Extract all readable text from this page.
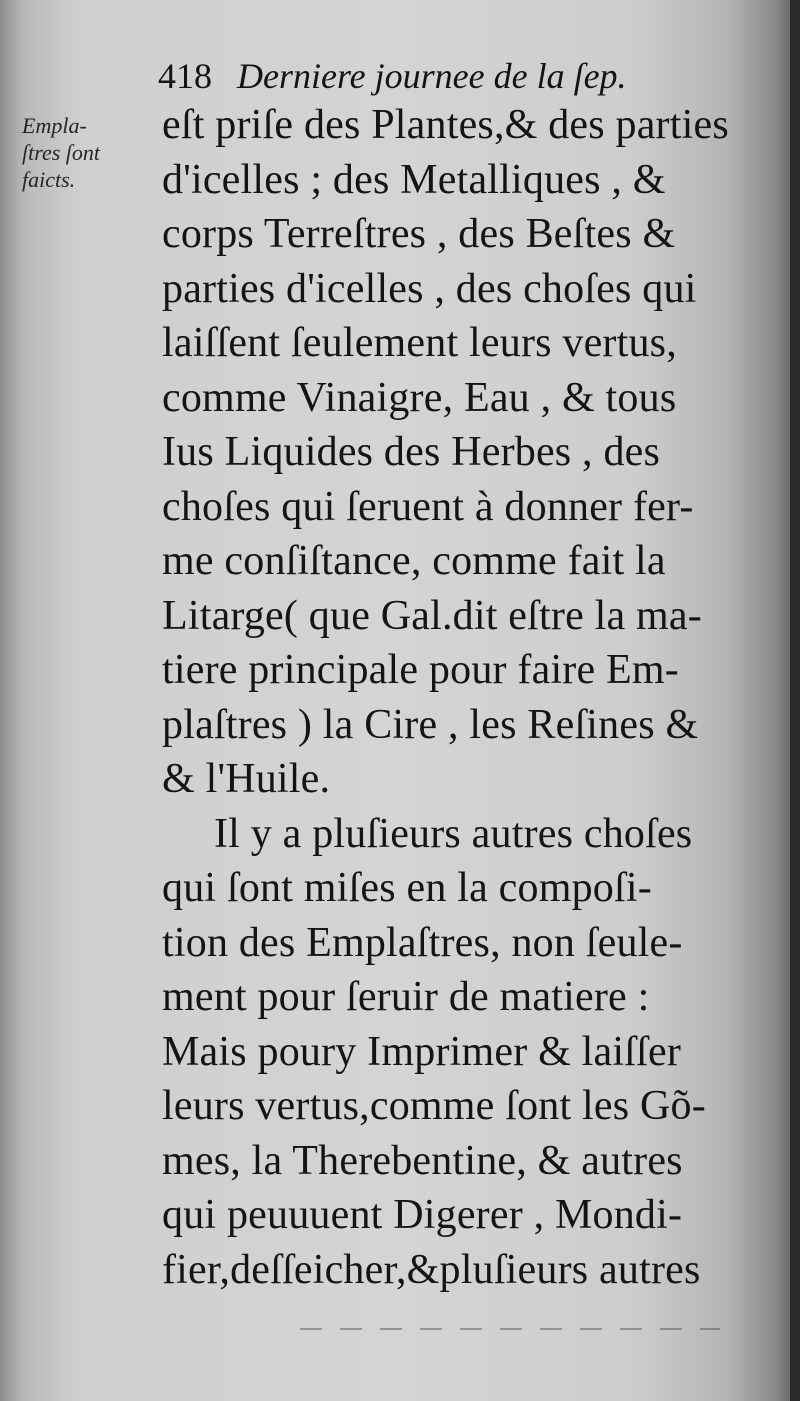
418 Derniere journee de la ſep.
Empla-
ſtres ſont
faicts.
eſt priſe des Plantes,& des parties
d'icelles ; des Metalliques , &
corps Terreſtres , des Beſtes &
parties d'icelles , des choſes qui
laiſſent ſeulement leurs vertus,
comme Vinaigre, Eau , & tous
Ius Liquides des Herbes , des
choſes qui ſeruent à donner fer-
me conſiſtance, comme fait la
Litarge( que Gal.dit eſtre la ma-
tiere principale pour faire Em-
plaſtres ) la Cire , les Reſines &
& l'Huile.
Il y a pluſieurs autres choſes
qui ſont miſes en la compoſi-
tion des Emplaſtres, non ſeule-
ment pour ſeruir de matiere :
Mais poury Imprimer & laiſſer
leurs vertus,comme ſont les Gõ-
mes, la Therebentine, & autres
qui peuuuent Digerer , Mondi-
fier,deſſeicher,&pluſieurs autres
